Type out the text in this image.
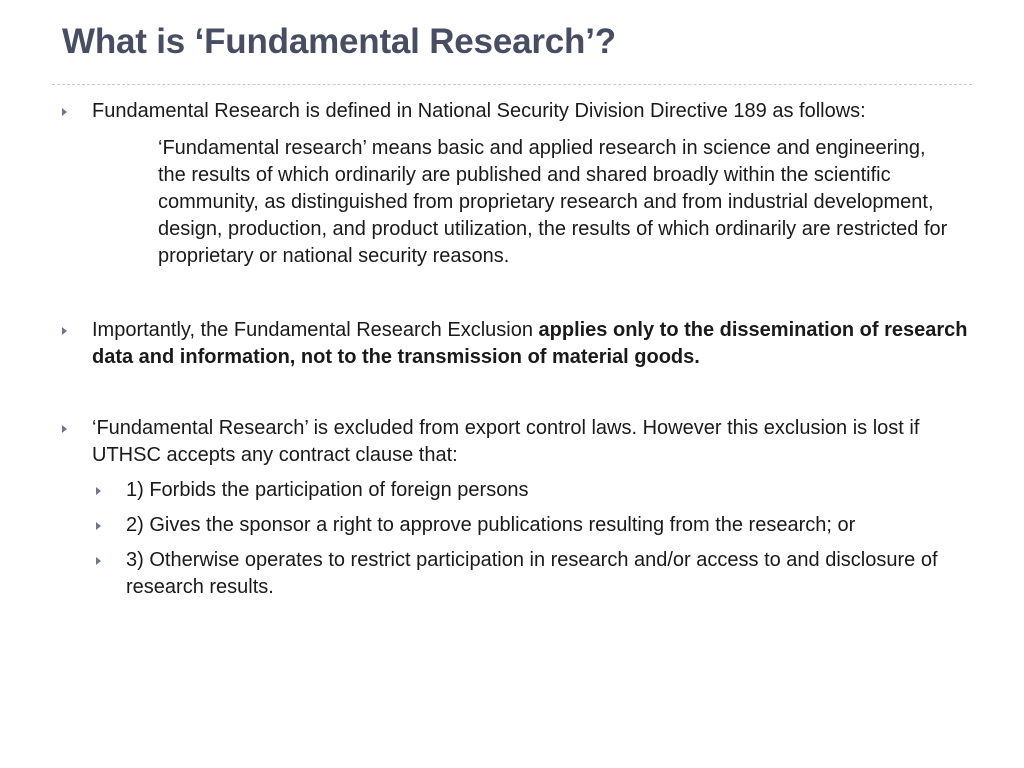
What is ‘Fundamental Research’?
Fundamental Research is defined in National Security Division Directive 189 as follows:
‘Fundamental research’ means basic and applied research in science and engineering, the results of which ordinarily are published and shared broadly within the scientific community, as distinguished from proprietary research and from industrial development, design, production, and product utilization, the results of which ordinarily are restricted for proprietary or national security reasons.
Importantly, the Fundamental Research Exclusion applies only to the dissemination of research data and information, not to the transmission of material goods.
‘Fundamental Research’ is excluded from export control laws. However this exclusion is lost if UTHSC accepts any contract clause that:
1) Forbids the participation of foreign persons
2) Gives the sponsor a right to approve publications resulting from the research; or
3) Otherwise operates to restrict participation in research and/or access to and disclosure of research results.
